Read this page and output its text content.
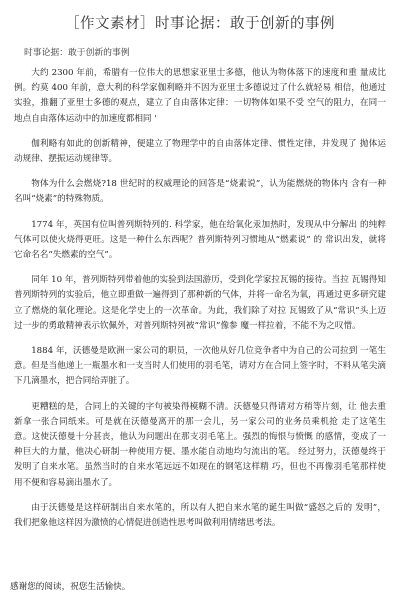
［作文素材］时事论据：敢于创新的事例
时事论据：敢于创新的事例

大约 2300 年前，希腊有一位伟大的思想家亚里士多德，他认为物体落下的速度和重 量成比例。约莫 400 年前，意大利的科学家伽利略并不因为亚里士多德说过了什么就轻易 相信，他通过实验，推翻了亚里士多德的观点，建立了自由落体定律：一切物体如果不受 空气的阻力，在同一地点自由落体运动中的加速度都相同 '

伽利略有如此的创新精神，便建立了物理学中的自由落体定律、惯性定律，并发现了 抛体运动规律、摆振运动规律等。

物体为什么会燃烧?18 世纪时的权威理论的回答是“烧素说”，认为能燃烧的物体内 含有一种名叫“烧素”的特殊物质。

1774 年，英国有位叫普列斯特列的. 科学家，他在给氧化汞加热时，发现从中分解出 的纯粹气体可以使火烧得更旺。这是一种什么东西呢？普列斯特列习惯地从“燃素说” 的 常识出发，就将它命名名“失燃素的空气”。

同年 10 年，普列斯特列带着他的实验到法国游历，受到化学家拉瓦锡的接待。当拉 瓦锡得知普列斯特列的实验后，他立即重做一遍得到了那种新的气体，并将一命名为氧，再通过更多研究建立了燃烧的氧化理论。这是化学史上的一次革命。为此，我们除了对拉 瓦锡致了从“常识”头上迈过一步的勇敢精神表示钦佩外，对普列斯特列被“常识”像参 魔一样拉着，不能不为之叹惜。

1884 年，沃德曼是欧洲一家公司的职员，一次他从好几位竞争者中为自己的公司拉到 一笔生意。但是当他递上一瓶墨水和一支当时人们使用的羽毛笔，请对方在合同上签字时，不料从笔尖滴下几滴墨水，把合同给弄脏了。

更糟糕的是，合同上的关键的字句被染得模糊不清。沃德曼只得请对方稍等片刻，让 他去重新拿一张合同纸来。可是就在沃德曼离开的那一会儿，另一家公司的业务员乘机抢 走了这笔生意。这使沃德曼十分甚丧，他认为问题出在那支羽毛笔上。强烈的悔恨与愤慨 的感情，变成了一种巨大的力量，他决心研制一种使用方便、墨水能自动地均匀流出的笔。 经过努力，沃德曼终于发明了自来水笔。虽然当时的自来水笔远远不如现在的钢笔这样精 巧，但也不再像羽毛笔那样使用不便和容易滴出墨水了。

由于沃德曼是这样研制出自来水笔的，所以有人把自来水笔的诞生叫做“盛怒之后的 发明”，我们把象他这样因为激愤的心情促进创造性思考叫做利用情绪思考法。

感谢您的阅读，祝您生活愉快。
